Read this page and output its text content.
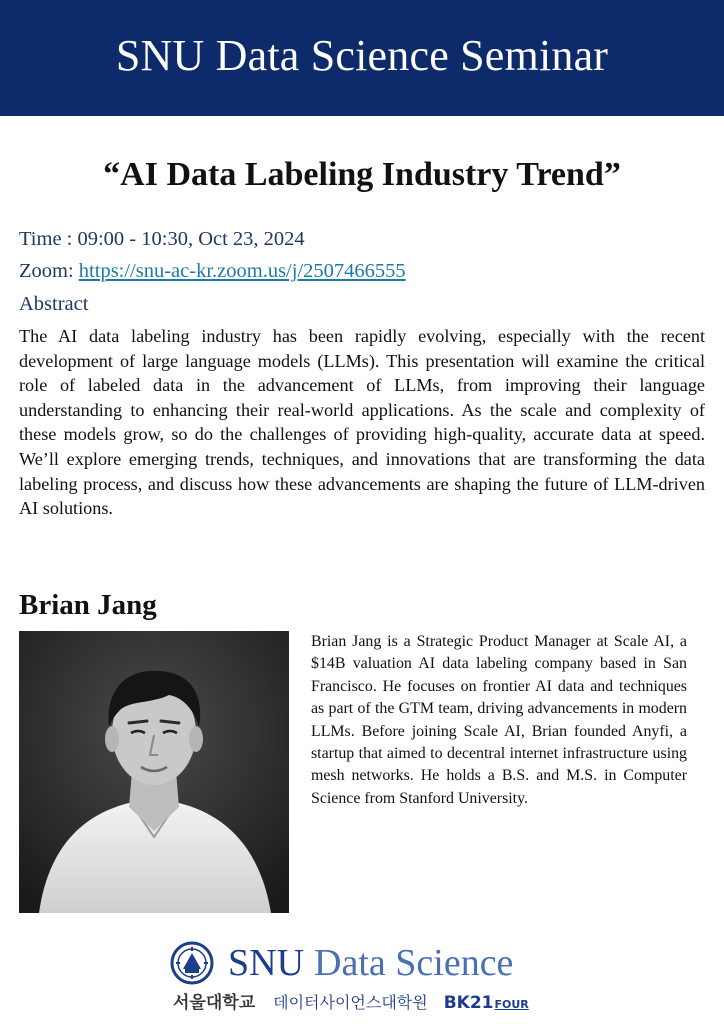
SNU Data Science Seminar
“AI Data Labeling Industry Trend”
Time : 09:00 - 10:30, Oct 23, 2024
Zoom: https://snu-ac-kr.zoom.us/j/2507466555
Abstract
The AI data labeling industry has been rapidly evolving, especially with the recent development of large language models (LLMs). This presentation will examine the critical role of labeled data in the advancement of LLMs, from improving their language understanding to enhancing their real-world applications. As the scale and complexity of these models grow, so do the challenges of providing high-quality, accurate data at speed. We’ll explore emerging trends, techniques, and innovations that are transforming the data labeling process, and discuss how these advancements are shaping the future of LLM-driven AI solutions.
Brian Jang
Brian Jang is a Strategic Product Manager at Scale AI, a $14B valuation AI data labeling company based in San Francisco. He focuses on frontier AI data and techniques as part of the GTM team, driving advancements in modern LLMs. Before joining Scale AI, Brian founded Anyfi, a startup that aimed to decentral internet infrastructure using mesh networks. He holds a B.S. and M.S. in Computer Science from Stanford University.
SNU Data Science
서울대학교 데이터사이언스대학원 BK21 FOUR
